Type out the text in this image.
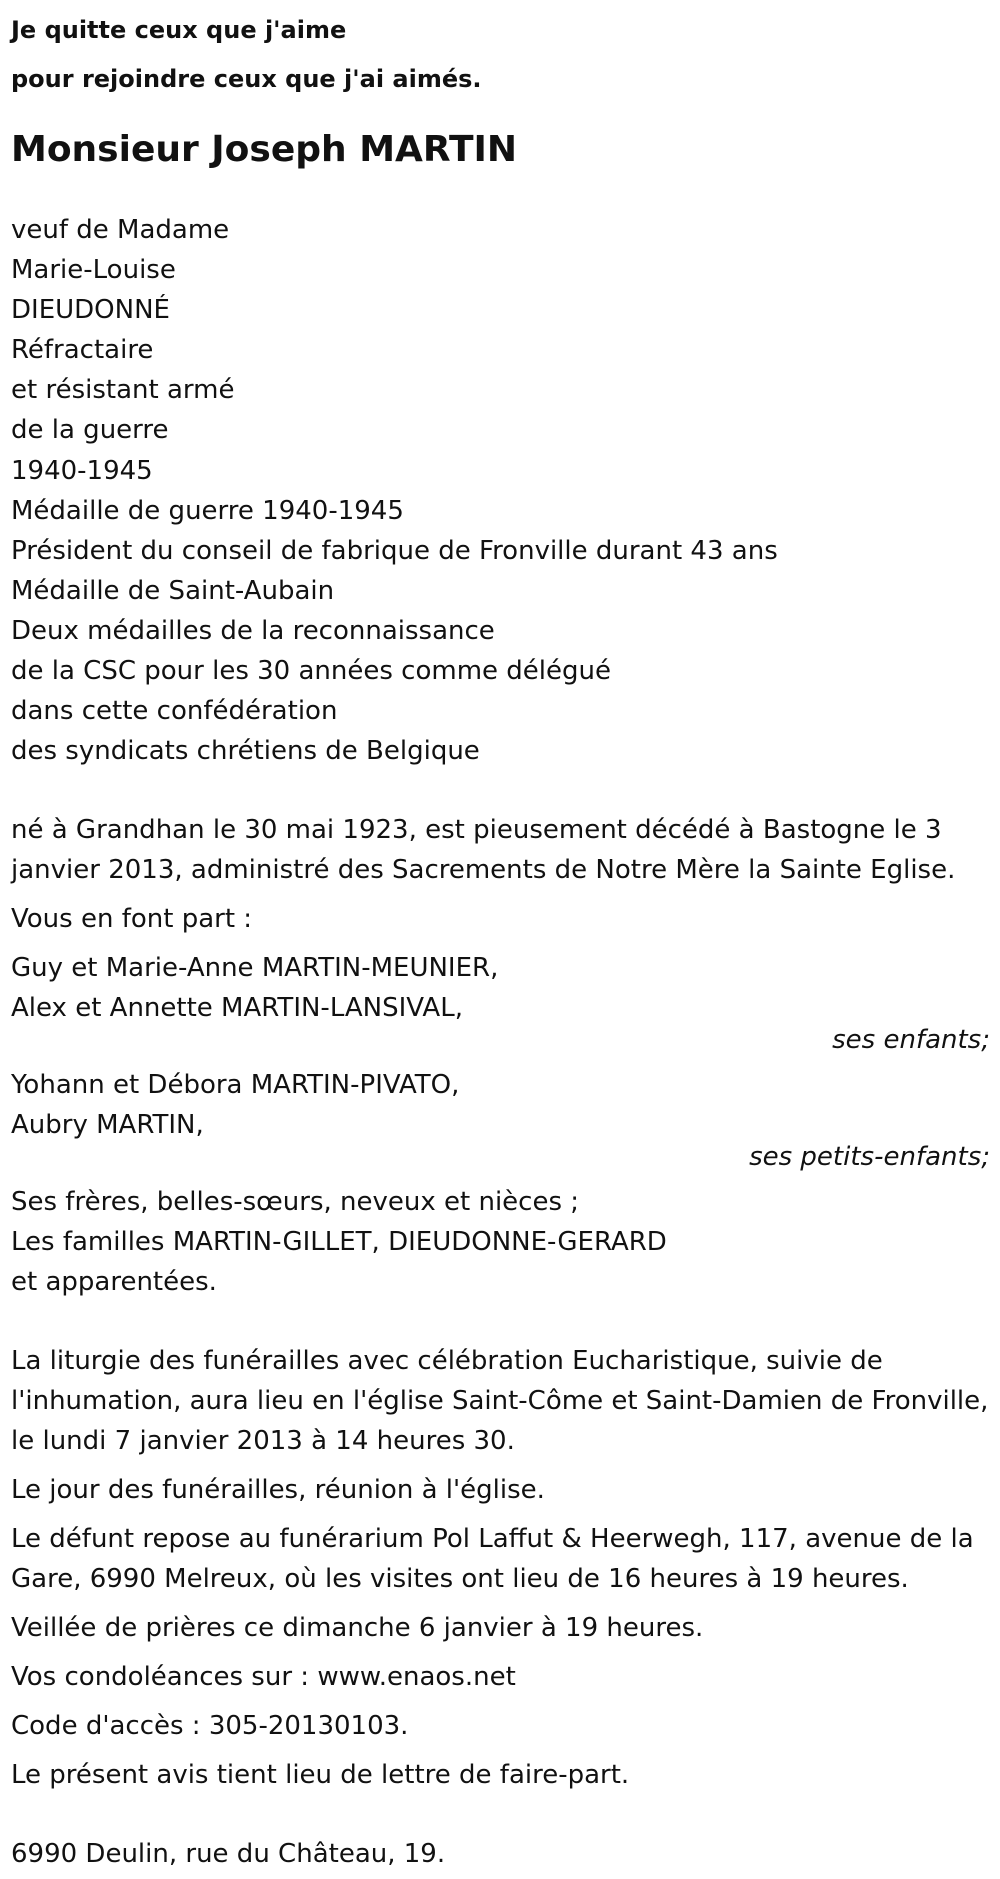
Je quitte ceux que j'aime
pour rejoindre ceux que j'ai aimés.
Monsieur Joseph MARTIN
veuf de Madame
Marie-Louise
DIEUDONNÉ
Réfractaire
et résistant armé
de la guerre
1940-1945
Médaille de guerre 1940-1945
Président du conseil de fabrique de Fronville durant 43 ans
Médaille de Saint-Aubain
Deux médailles de la reconnaissance
de la CSC pour les 30 années comme délégué
dans cette confédération
des syndicats chrétiens de Belgique

né à Grandhan le 30 mai 1923, est pieusement décédé à Bastogne le 3 janvier 2013, administré des Sacrements de Notre Mère la Sainte Eglise.

Vous en font part :

Guy et Marie-Anne MARTIN-MEUNIER,
Alex et Annette MARTIN-LANSIVAL,
ses enfants;
Yohann et Débora MARTIN-PIVATO,
Aubry MARTIN,
ses petits-enfants;
Ses frères, belles-sœurs, neveux et nièces ;
Les familles MARTIN-GILLET, DIEUDONNE-GERARD
et apparentées.

La liturgie des funérailles avec célébration Eucharistique, suivie de l'inhumation, aura lieu en l'église Saint-Côme et Saint-Damien de Fronville, le lundi 7 janvier 2013 à 14 heures 30.

Le jour des funérailles, réunion à l'église.

Le défunt repose au funérarium Pol Laffut & Heerwegh, 117, avenue de la Gare, 6990 Melreux, où les visites ont lieu de 16 heures à 19 heures.

Veillée de prières ce dimanche 6 janvier à 19 heures.

Vos condoléances sur : www.enaos.net

Code d'accès : 305-20130103.

Le présent avis tient lieu de lettre de faire-part.

6990 Deulin, rue du Château, 19.
